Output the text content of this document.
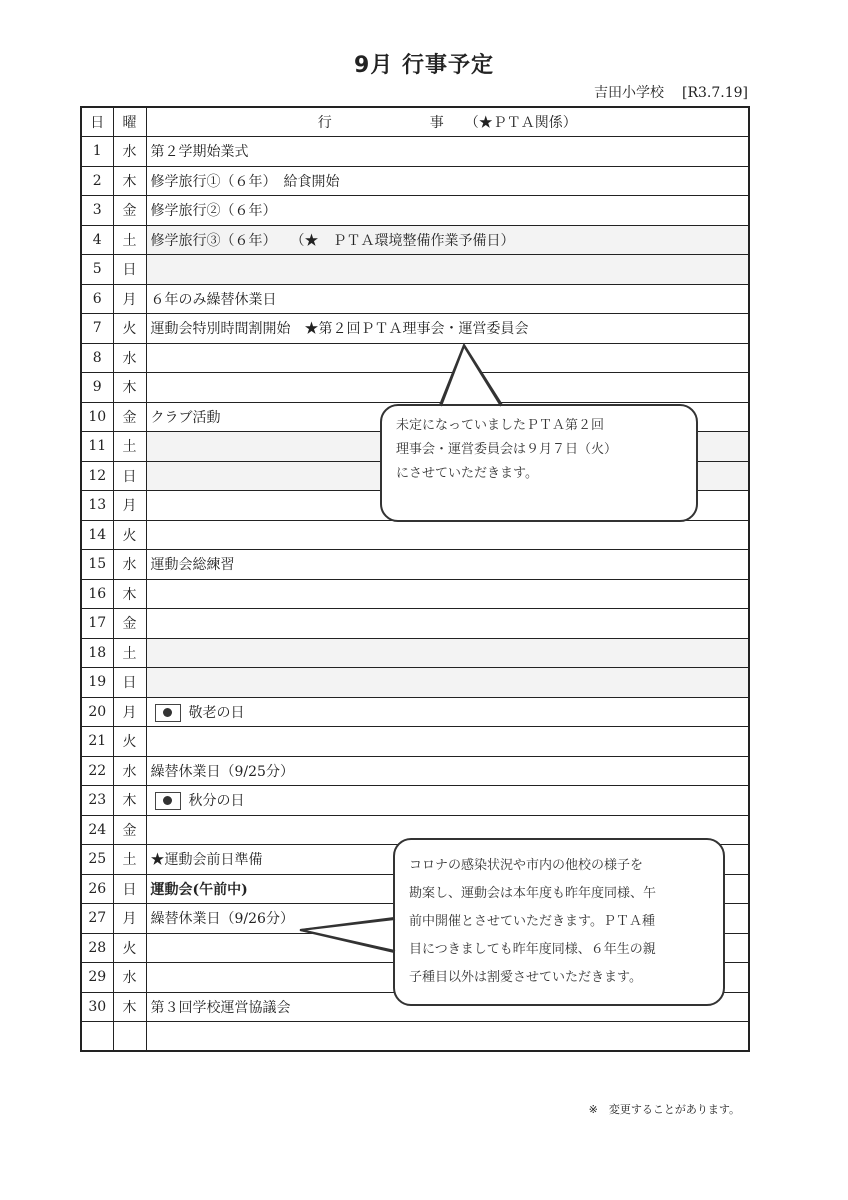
9月 行事予定
吉田小学校 [R3.7.19]
日	曜	行　　　　　　　事　　（★ＰＴＡ関係）
1	水	第２学期始業式
2	木	修学旅行①（６年）　給食開始
3	金	修学旅行②（６年）
4	土	修学旅行③（６年）　　（★　ＰＴＡ環境整備作業予備日）
5	日	
6	月	６年のみ繰替休業日
7	火	運動会特別時間割開始　★第２回ＰＴＡ理事会・運営委員会
8	水	
9	木	
10	金	クラブ活動
11	土	
12	日	
13	月	
14	火	
15	水	運動会総練習
16	木	
17	金	
18	土	
19	日	
20	月	敬老の日
21	火	
22	水	繰替休業日（9/25分）
23	木	秋分の日
24	金	
25	土	★運動会前日準備
26	日	運動会(午前中)
27	月	繰替休業日（9/26分）
28	火	
29	水	
30	木	第３回学校運営協議会

未定になっていましたＰＴＡ第２回

理事会・運営委員会は９月７日（火）

にさせていただきます。

コロナの感染状況や市内の他校の様子を

勘案し、運動会は本年度も昨年度同様、午

前中開催とさせていただきます。ＰＴＡ種

目につきましても昨年度同様、６年生の親

子種目以外は割愛させていただきます。

※　変更することがあります。
